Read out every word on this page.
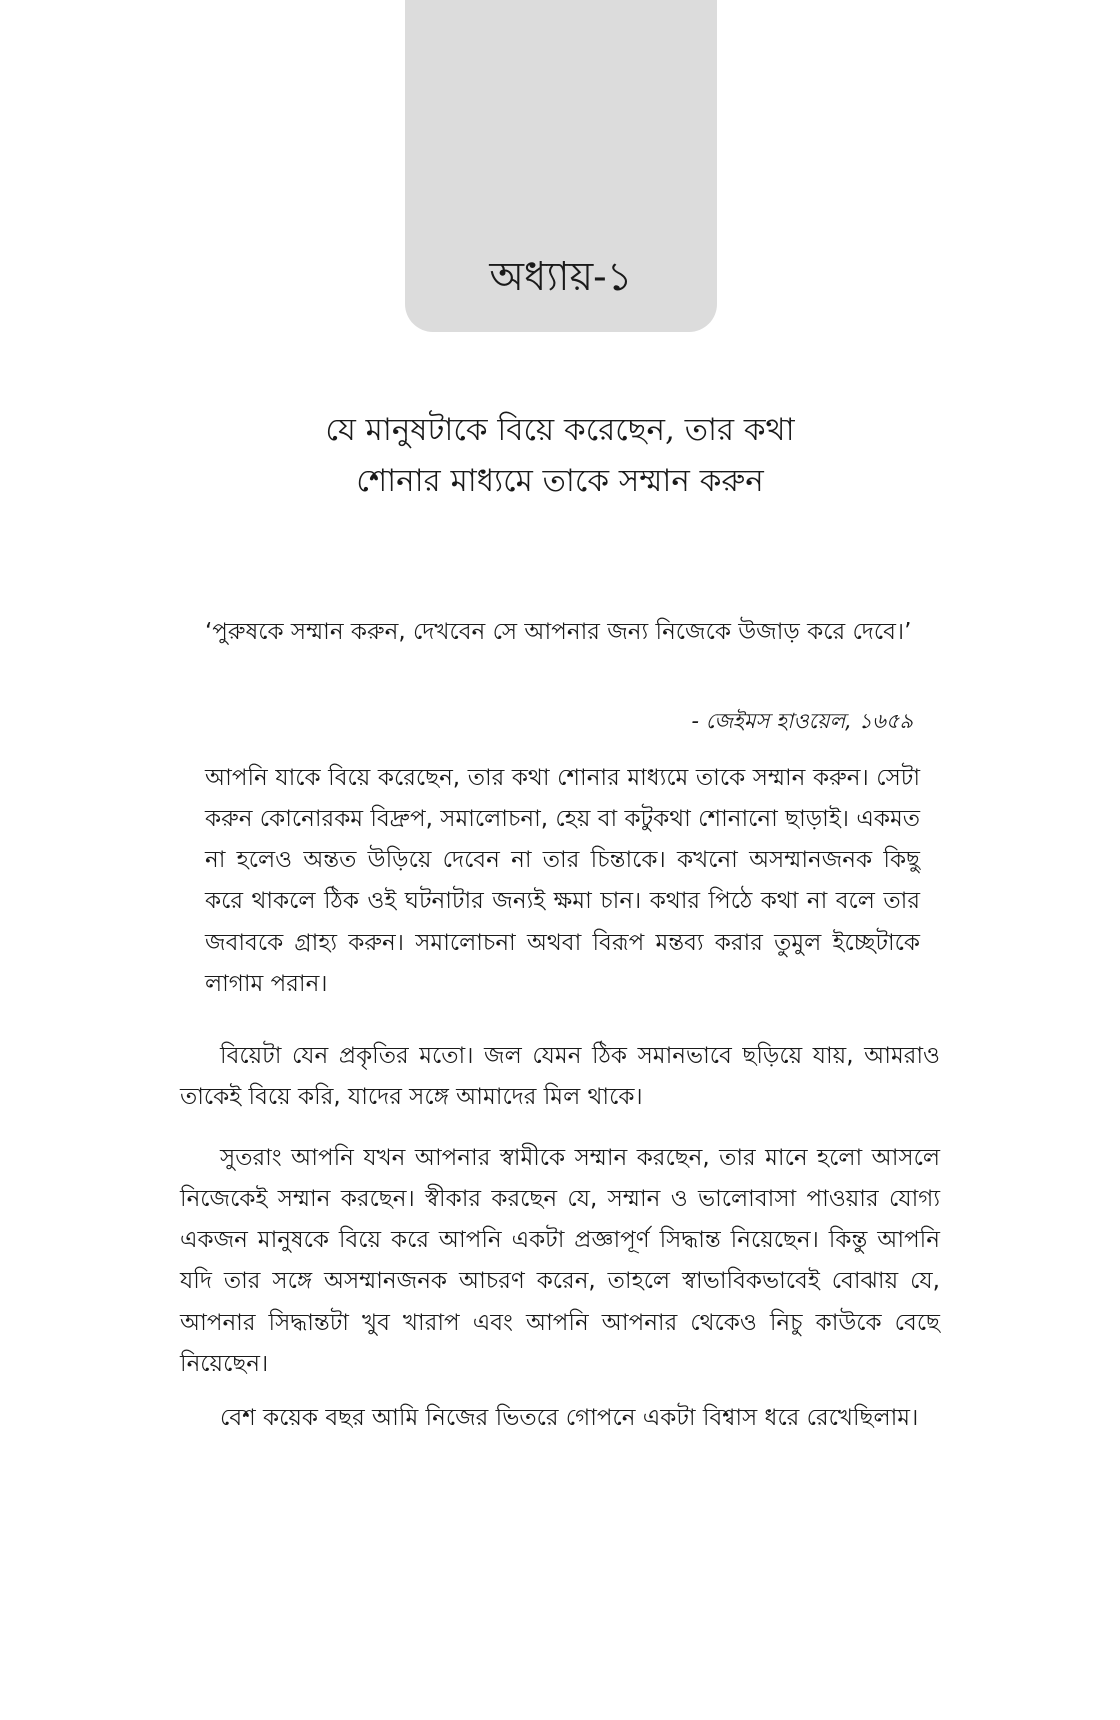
অধ্যায়-১
যে মানুষটাকে বিয়ে করেছেন, তার কথা
শোনার মাধ্যমে তাকে সম্মান করুন
‘পুরুষকে সম্মান করুন, দেখবেন সে আপনার জন্য নিজেকে উজাড় করে দেবে।’
- জেইমস হাওয়েল, ১৬৫৯

আপনি যাকে বিয়ে করেছেন, তার কথা শোনার মাধ্যমে তাকে সম্মান করুন। সেটা করুন কোনোরকম বিদ্রুপ, সমালোচনা, হেয় বা কটুকথা শোনানো ছাড়াই। একমত না হলেও অন্তত উড়িয়ে দেবেন না তার চিন্তাকে। কখনো অসম্মানজনক কিছু করে থাকলে ঠিক ওই ঘটনাটার জন্যই ক্ষমা চান। কথার পিঠে কথা না বলে তার জবাবকে গ্রাহ্য করুন। সমালোচনা অথবা বিরূপ মন্তব্য করার তুমুল ইচ্ছেটাকে লাগাম পরান।

বিয়েটা যেন প্রকৃতির মতো। জল যেমন ঠিক সমানভাবে ছড়িয়ে যায়, আমরাও তাকেই বিয়ে করি, যাদের সঙ্গে আমাদের মিল থাকে।

সুতরাং আপনি যখন আপনার স্বামীকে সম্মান করছেন, তার মানে হলো আসলে নিজেকেই সম্মান করছেন। স্বীকার করছেন যে, সম্মান ও ভালোবাসা পাওয়ার যোগ্য একজন মানুষকে বিয়ে করে আপনি একটা প্রজ্ঞাপূর্ণ সিদ্ধান্ত নিয়েছেন। কিন্তু আপনি যদি তার সঙ্গে অসম্মানজনক আচরণ করেন, তাহলে স্বাভাবিকভাবেই বোঝায় যে, আপনার সিদ্ধান্তটা খুব খারাপ এবং আপনি আপনার থেকেও নিচু কাউকে বেছে নিয়েছেন।

বেশ কয়েক বছর আমি নিজের ভিতরে গোপনে একটা বিশ্বাস ধরে রেখেছিলাম।
